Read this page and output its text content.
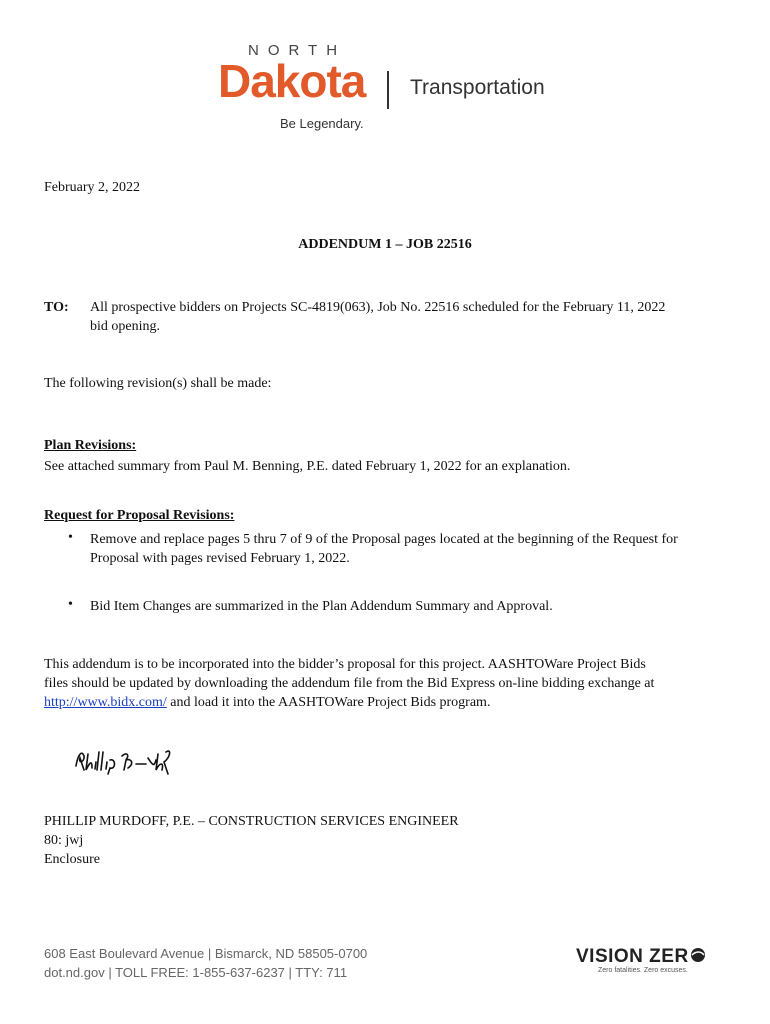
NORTH
Dakota Transportation
Be Legendary.
February 2, 2022
ADDENDUM 1 – JOB 22516
TO: All prospective bidders on Projects SC-4819(063), Job No. 22516 scheduled for the February 11, 2022
bid opening.
The following revision(s) shall be made:
Plan Revisions:
See attached summary from Paul M. Benning, P.E. dated February 1, 2022 for an explanation.
Request for Proposal Revisions:
• Remove and replace pages 5 thru 7 of 9 of the Proposal pages located at the beginning of the Request for
Proposal with pages revised February 1, 2022.
• Bid Item Changes are summarized in the Plan Addendum Summary and Approval.
This addendum is to be incorporated into the bidder’s proposal for this project. AASHTOWare Project Bids
files should be updated by downloading the addendum file from the Bid Express on-line bidding exchange at
http://www.bidx.com/ and load it into the AASHTOWare Project Bids program.
PHILLIP MURDOFF, P.E. – CONSTRUCTION SERVICES ENGINEER
80: jwj
Enclosure
608 East Boulevard Avenue | Bismarck, ND 58505-0700
dot.nd.gov | TOLL FREE: 1-855-637-6237 | TTY: 711
VISION ZER
Zero fatalities. Zero excuses.
